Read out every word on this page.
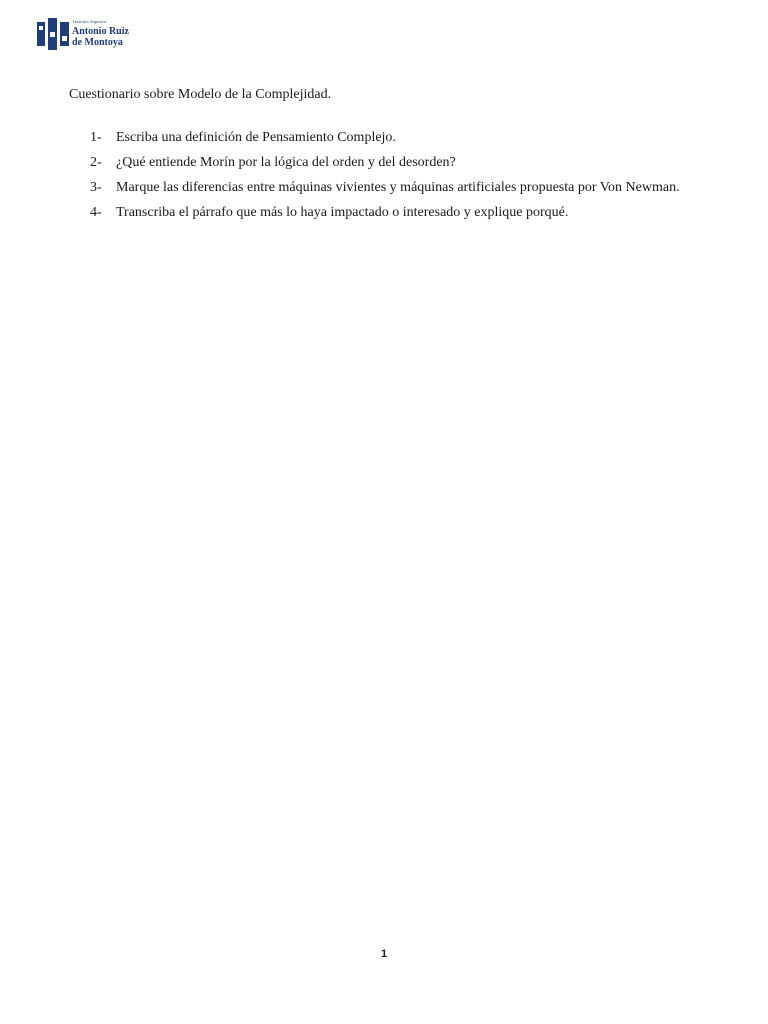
Instituto Superior
Antonio Ruiz
de Montoya
Cuestionario sobre Modelo de la Complejidad.
1-	Escriba una definición de Pensamiento Complejo.
2-	¿Qué entiende Morín por la lógica del orden y del desorden?
3-	Marque las diferencias entre máquinas vivientes y máquinas artificiales propuesta por Von Newman.
4-	Transcriba el párrafo que más lo haya impactado o interesado y explique porqué.
1
